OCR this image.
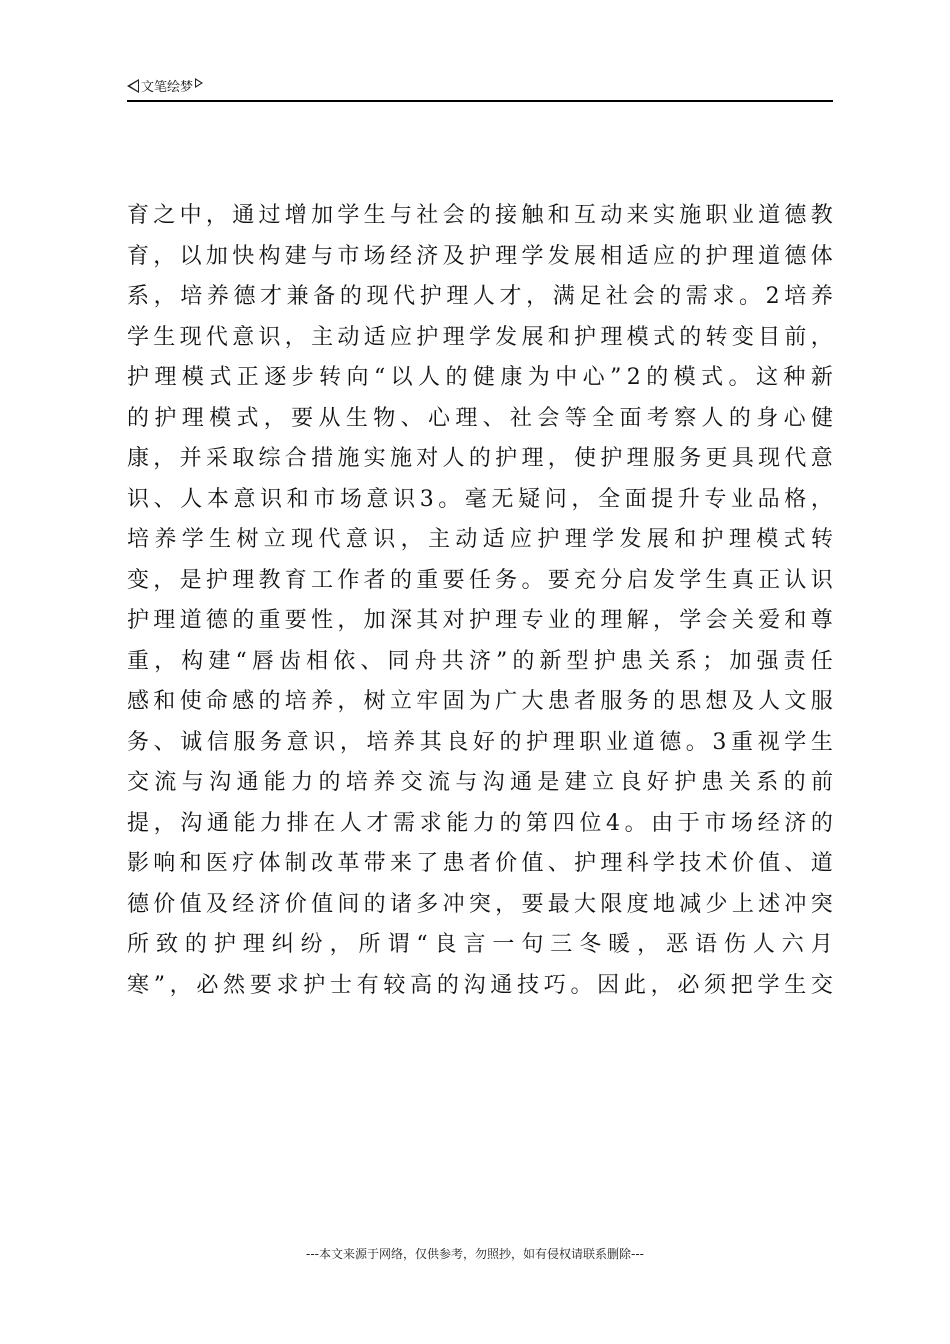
文笔绘梦
育 之 中 ， 通 过 增 加 学 生 与 社 会 的 接 触 和 互 动 来 实 施 职 业 道 德 教
育 ， 以 加 快 构 建 与 市 场 经 济 及 护 理 学 发 展 相 适 应 的 护 理 道 德 体
系 ， 培 养 德 才 兼 备 的 现 代 护 理 人 才 ， 满 足 社 会 的 需 求 。 2 培 养
学 生 现 代 意 识 ， 主 动 适 应 护 理 学 发 展 和 护 理 模 式 的 转 变 目 前 ，
护 理 模 式 正 逐 步 转 向 “ 以 人 的 健 康 为 中 心 ” 2 的 模 式 。 这 种 新
的 护 理 模 式 ， 要 从 生 物 、 心 理 、 社 会 等 全 面 考 察 人 的 身 心 健
康 ， 并 采 取 综 合 措 施 实 施 对 人 的 护 理 ， 使 护 理 服 务 更 具 现 代 意
识 、 人 本 意 识 和 市 场 意 识 3 。 毫 无 疑 问 ， 全 面 提 升 专 业 品 格 ，
培 养 学 生 树 立 现 代 意 识 ， 主 动 适 应 护 理 学 发 展 和 护 理 模 式 转
变 ， 是 护 理 教 育 工 作 者 的 重 要 任 务 。 要 充 分 启 发 学 生 真 正 认 识
护 理 道 德 的 重 要 性 ， 加 深 其 对 护 理 专 业 的 理 解 ， 学 会 关 爱 和 尊
重 ， 构 建 “ 唇 齿 相 依 、 同 舟 共 济 ” 的 新 型 护 患 关 系 ； 加 强 责 任
感 和 使 命 感 的 培 养 ， 树 立 牢 固 为 广 大 患 者 服 务 的 思 想 及 人 文 服
务 、 诚 信 服 务 意 识 ， 培 养 其 良 好 的 护 理 职 业 道 德 。 3 重 视 学 生
交 流 与 沟 通 能 力 的 培 养 交 流 与 沟 通 是 建 立 良 好 护 患 关 系 的 前
提 ， 沟 通 能 力 排 在 人 才 需 求 能 力 的 第 四 位 4 。 由 于 市 场 经 济 的
影 响 和 医 疗 体 制 改 革 带 来 了 患 者 价 值 、 护 理 科 学 技 术 价 值 、 道
德 价 值 及 经 济 价 值 间 的 诸 多 冲 突 ， 要 最 大 限 度 地 减 少 上 述 冲 突
所 致 的 护 理 纠 纷 ， 所 谓 “ 良 言 一 句 三 冬 暖 ， 恶 语 伤 人 六 月
寒 ” ， 必 然 要 求 护 士 有 较 高 的 沟 通 技 巧 。 因 此 ， 必 须 把 学 生 交
---本文来源于网络，仅供参考，勿照抄，如有侵权请联系删除---
